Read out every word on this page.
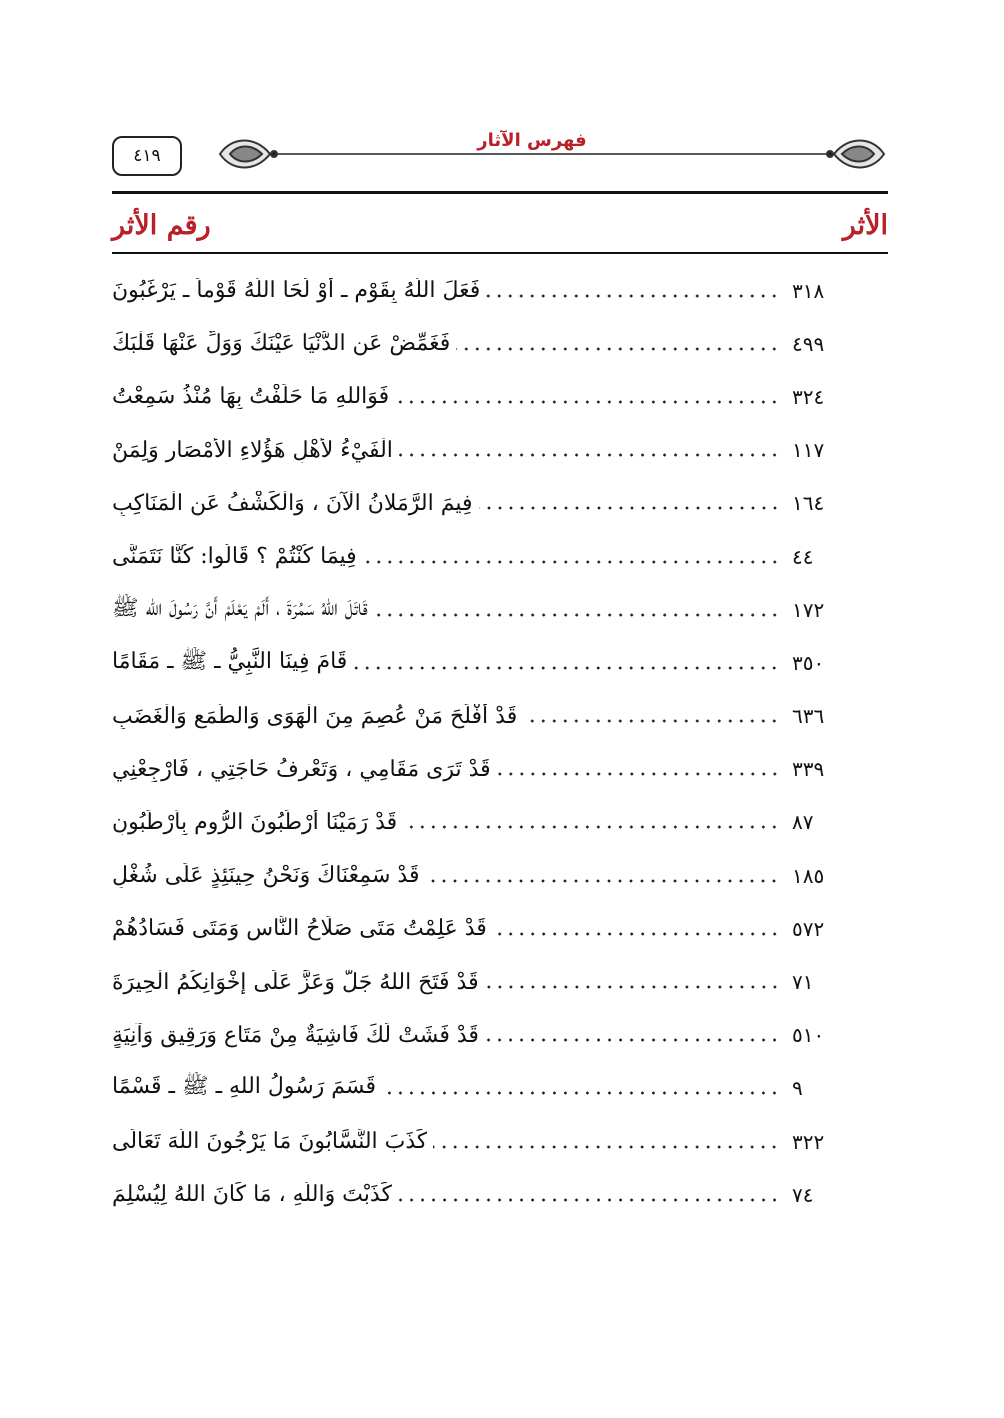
٤١٩
فهرس الآثار
الأثر
رقم الأثر
فَعَلَ اللَّهُ بِقَوْمٍ ـ أَوْ لَحَا اللَّهُ قَوْماً ـ يَرْغَبُونَ	٣١٨
فَغَمِّضْ عَنِ الدُّنْيَا عَيْنَكَ وَوَلِّ عَنْهَا قَلْبَكَ	٤٩٩
فَوَاللهِ مَا حَلَفْتُ بِهَا مُنْذُ سَمِعْتُ	٣٢٤
الْفَيْءُ لأَهْلِ هَؤُلاءِ الأَمْصَارِ وَلِمَنْ	١١٧
فِيمَ الرَّمَلانُ الْآنَ ، وَالْكَشْفُ عَنِ الْمَنَاكِبِ	١٦٤
فِيمَا كُنْتُمْ ؟ قَالُوا: كُنَّا نَتَمَنَّى	٤٤
قَاتَلَ اللهُ سَمُرَةَ ، أَلَمْ يَعْلَمْ أَنَّ رَسُولَ الله ﷺ	١٧٢
قَامَ فِينَا النَّبِيُّ ـ ﷺ ـ مَقَامًا	٣٥٠
قَدْ أَفْلَحَ مَنْ عُصِمَ مِنَ الْهَوَى وَالطَّمَعِ وَالْغَضَبِ	٦٣٦
قَدْ تَرَى مَقَامِي ، وَتَعْرِفُ حَاجَتِي ، فَارْجِعْنِي	٣٣٩
قَدْ رَمَيْنَا أَرْطَبُونَ الرُّومِ بِأَرْطَبُونِ	٨٧
قَدْ سَمِعْنَاكَ وَنَحْنُ حِينَئِذٍ عَلَى شُغْلٍ	١٨٥
قَدْ عَلِمْتُ مَتَى صَلَاحُ النَّاسِ وَمَتَى فَسَادُهُمْ	٥٧٢
قَدْ فَتَحَ اللهُ جَلَّ وَعَزَّ عَلَى إِخْوَانِكُمُ الْحِيرَةَ	٧١
قَدْ فَشَتْ لَكَ فَاشِيَةٌ مِنْ مَتَاعٍ وَرَقِيقٍ وَآنِيَةٍ	٥١٠
قَسَمَ رَسُولُ اللهِ ـ ﷺ ـ قَسْمًا	٩
كَذَبَ النَّسَّابُونَ مَا يَرْجُونَ اللَّهَ تَعَالَى	٣٢٢
كَذَبْتَ وَاللَّهِ ، مَا كَانَ اللهُ لِيُسْلِمَ	٧٤
